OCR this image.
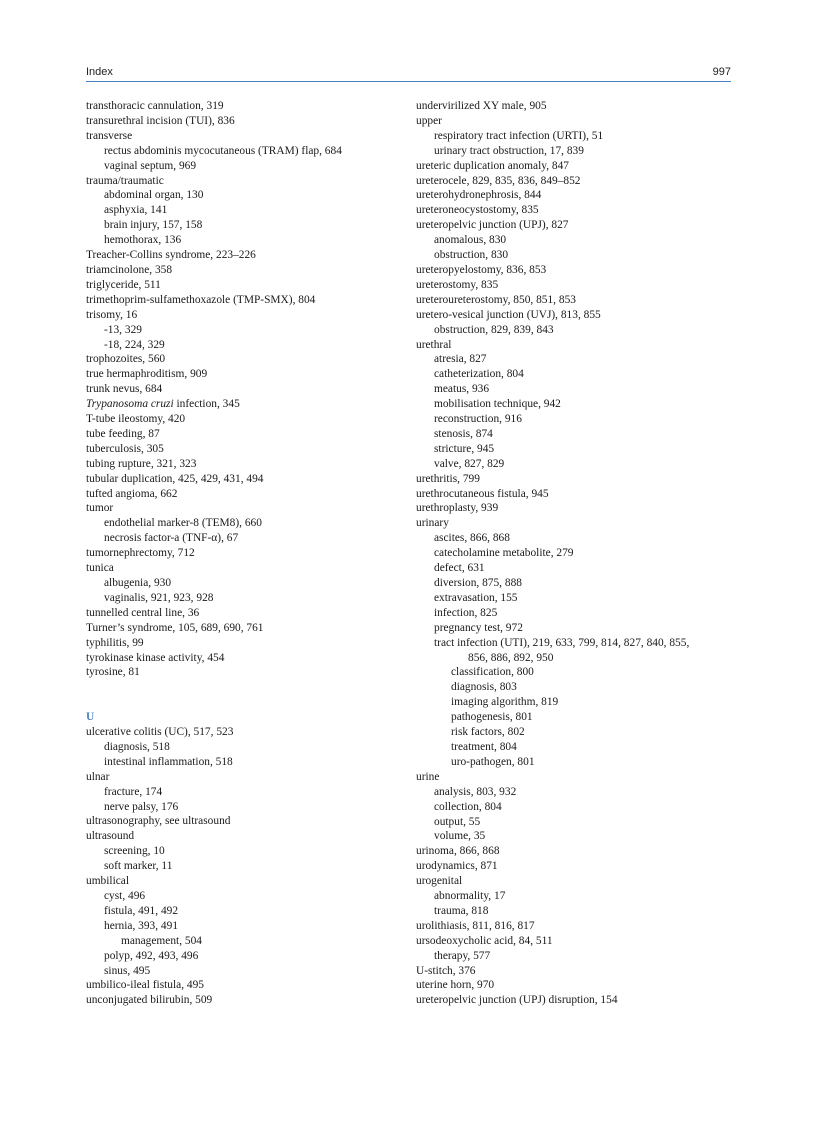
Index	997
transthoracic cannulation, 319
transurethral incision (TUI), 836
transverse
rectus abdominis mycocutaneous (TRAM) flap, 684
vaginal septum, 969
trauma/traumatic
abdominal organ, 130
asphyxia, 141
brain injury, 157, 158
hemothorax, 136
Treacher-Collins syndrome, 223–226
triamcinolone, 358
triglyceride, 511
trimethoprim-sulfamethoxazole (TMP-SMX), 804
trisomy, 16
-13, 329
-18, 224, 329
trophozoites, 560
true hermaphroditism, 909
trunk nevus, 684
Trypanosoma cruzi infection, 345
T-tube ileostomy, 420
tube feeding, 87
tuberculosis, 305
tubing rupture, 321, 323
tubular duplication, 425, 429, 431, 494
tufted angioma, 662
tumor
endothelial marker-8 (TEM8), 660
necrosis factor-a (TNF-α), 67
tumornephrectomy, 712
tunica
albugenia, 930
vaginalis, 921, 923, 928
tunnelled central line, 36
Turner’s syndrome, 105, 689, 690, 761
typhilitis, 99
tyrokinase kinase activity, 454
tyrosine, 81
U
ulcerative colitis (UC), 517, 523
diagnosis, 518
intestinal inflammation, 518
ulnar
fracture, 174
nerve palsy, 176
ultrasonography, see ultrasound
ultrasound
screening, 10
soft marker, 11
umbilical
cyst, 496
fistula, 491, 492
hernia, 393, 491
management, 504
polyp, 492, 493, 496
sinus, 495
umbilico-ileal fistula, 495
unconjugated bilirubin, 509
undervirilized XY male, 905
upper
respiratory tract infection (URTI), 51
urinary tract obstruction, 17, 839
ureteric duplication anomaly, 847
ureterocele, 829, 835, 836, 849–852
ureterohydronephrosis, 844
ureteroneocystostomy, 835
ureteropelvic junction (UPJ), 827
anomalous, 830
obstruction, 830
ureteropyelostomy, 836, 853
ureterostomy, 835
ureteroureterostomy, 850, 851, 853
uretero-vesical junction (UVJ), 813, 855
obstruction, 829, 839, 843
urethral
atresia, 827
catheterization, 804
meatus, 936
mobilisation technique, 942
reconstruction, 916
stenosis, 874
stricture, 945
valve, 827, 829
urethritis, 799
urethrocutaneous fistula, 945
urethroplasty, 939
urinary
ascites, 866, 868
catecholamine metabolite, 279
defect, 631
diversion, 875, 888
extravasation, 155
infection, 825
pregnancy test, 972
tract infection (UTI), 219, 633, 799, 814, 827, 840, 855,
856, 886, 892, 950
classification, 800
diagnosis, 803
imaging algorithm, 819
pathogenesis, 801
risk factors, 802
treatment, 804
uro-pathogen, 801
urine
analysis, 803, 932
collection, 804
output, 55
volume, 35
urinoma, 866, 868
urodynamics, 871
urogenital
abnormality, 17
trauma, 818
urolithiasis, 811, 816, 817
ursodeoxycholic acid, 84, 511
therapy, 577
U-stitch, 376
uterine horn, 970
ureteropelvic junction (UPJ) disruption, 154
